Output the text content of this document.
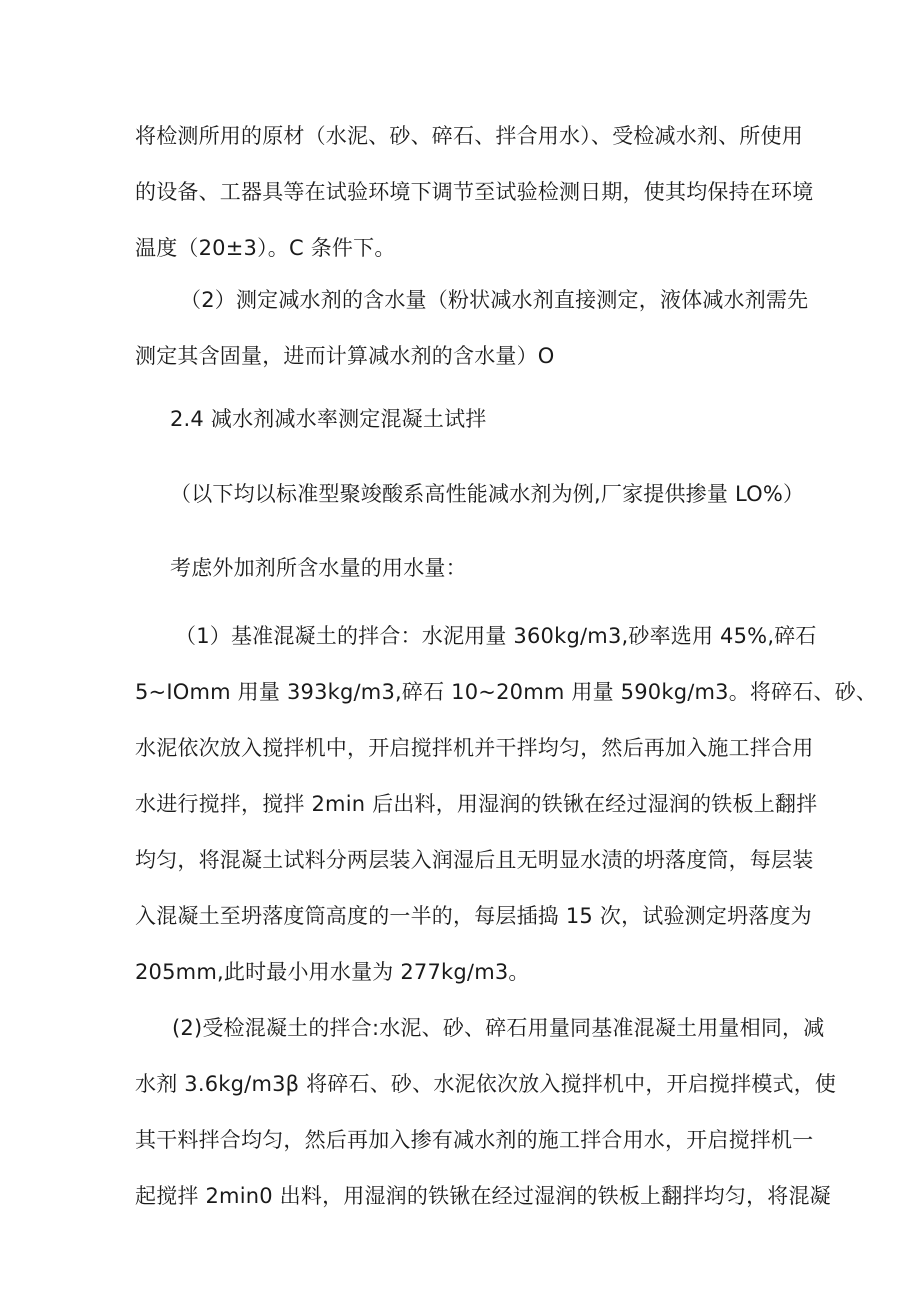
将检测所用的原材（水泥、砂、碎石、拌合用水）、受检减水剂、所使用
的设备、工器具等在试验环境下调节至试验检测日期，使其均保持在环境
温度（20±3）。C 条件下。
（2）测定减水剂的含水量（粉状减水剂直接测定，液体减水剂需先
测定其含固量，进而计算减水剂的含水量）O
2.4 减水剂减水率测定混凝土试拌
（以下均以标准型聚竣酸系高性能减水剂为例,厂家提供掺量 LO%）
考虑外加剂所含水量的用水量：
（1）基准混凝土的拌合：水泥用量 360kg∕m3,砂率选用 45%,碎石
5~IOmm 用量 393kg∕m3,碎石 10~20mm 用量 590kg∕m3。将碎石、砂、
水泥依次放入搅拌机中，开启搅拌机并干拌均匀，然后再加入施工拌合用
水进行搅拌，搅拌 2min 后出料，用湿润的铁锹在经过湿润的铁板上翻拌
均匀，将混凝土试料分两层装入润湿后且无明显水渍的坍落度筒，每层装
入混凝土至坍落度筒高度的一半的，每层插捣 15 次，试验测定坍落度为
205mm,此时最小用水量为 277kg∕m3。
(2)受检混凝土的拌合:水泥、砂、碎石用量同基准混凝土用量相同，减
水剂 3.6kg/m3β 将碎石、砂、水泥依次放入搅拌机中，开启搅拌模式，使
其干料拌合均匀，然后再加入掺有减水剂的施工拌合用水，开启搅拌机一
起搅拌 2min0 出料，用湿润的铁锹在经过湿润的铁板上翻拌均匀，将混凝
